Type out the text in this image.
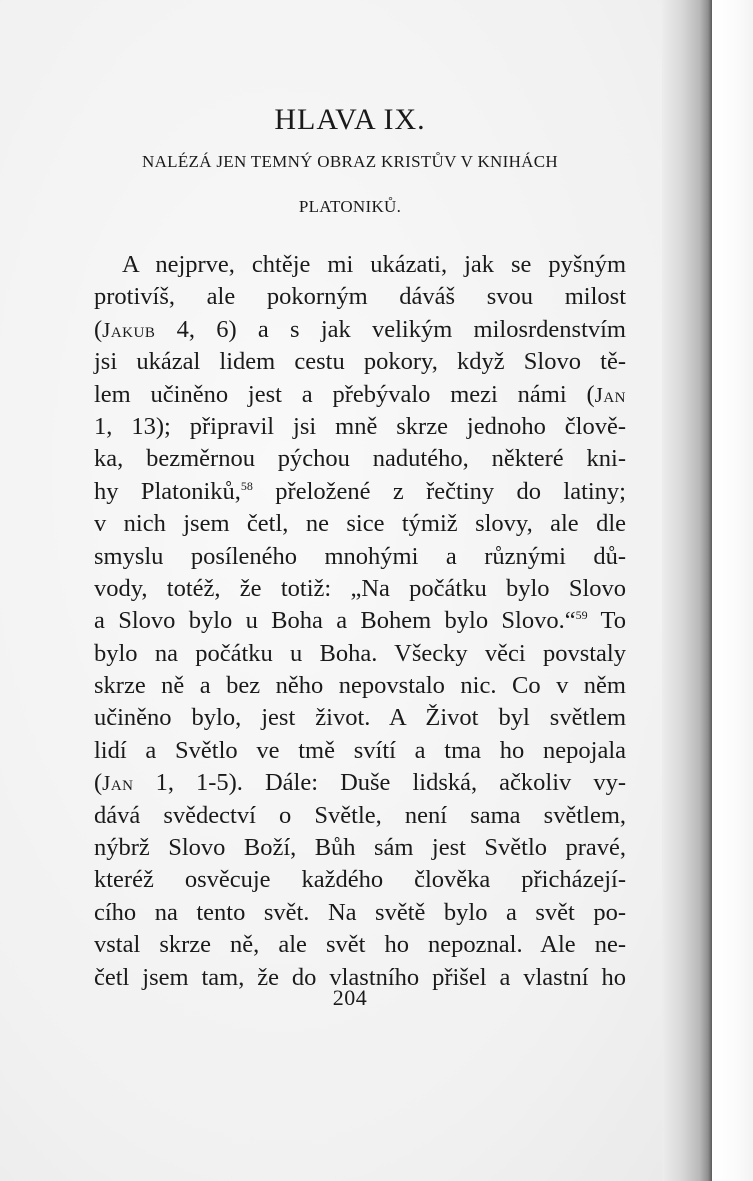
HLAVA IX.
NALÉZÁ JEN TEMNÝ OBRAZ KRISTŮV V KNIHÁCH
PLATONIKŮ.
A nejprve, chtěje mi ukázati, jak se pyšným
protivíš, ale pokorným dáváš svou milost
(Jakub 4, 6) a s jak velikým milosrdenstvím
jsi ukázal lidem cestu pokory, když Slovo tě-
lem učiněno jest a přebývalo mezi námi (Jan
1, 13); připravil jsi mně skrze jednoho člově-
ka, bezměrnou pýchou nadutého, některé kni-
hy Platoniků,$^{58}$ přeložené z řečtiny do latiny;
v nich jsem četl, ne sice týmiž slovy, ale dle
smyslu posíleného mnohými a různými dů-
vody, totéž, že totiž: „Na počátku bylo Slovo
a Slovo bylo u Boha a Bohem bylo Slovo.“$^{59}$ To
bylo na počátku u Boha. Všecky věci povstaly
skrze ně a bez něho nepovstalo nic. Co v něm
učiněno bylo, jest život. A Život byl světlem
lidí a Světlo ve tmě svítí a tma ho nepojala
(Jan 1, 1-5). Dále: Duše lidská, ačkoliv vy-
dává svědectví o Světle, není sama světlem,
nýbrž Slovo Boží, Bůh sám jest Světlo pravé,
kteréž osvěcuje každého člověka přicházejí-
cího na tento svět. Na světě bylo a svět po-
vstal skrze ně, ale svět ho nepoznal. Ale ne-
četl jsem tam, že do vlastního přišel a vlastní ho
204
